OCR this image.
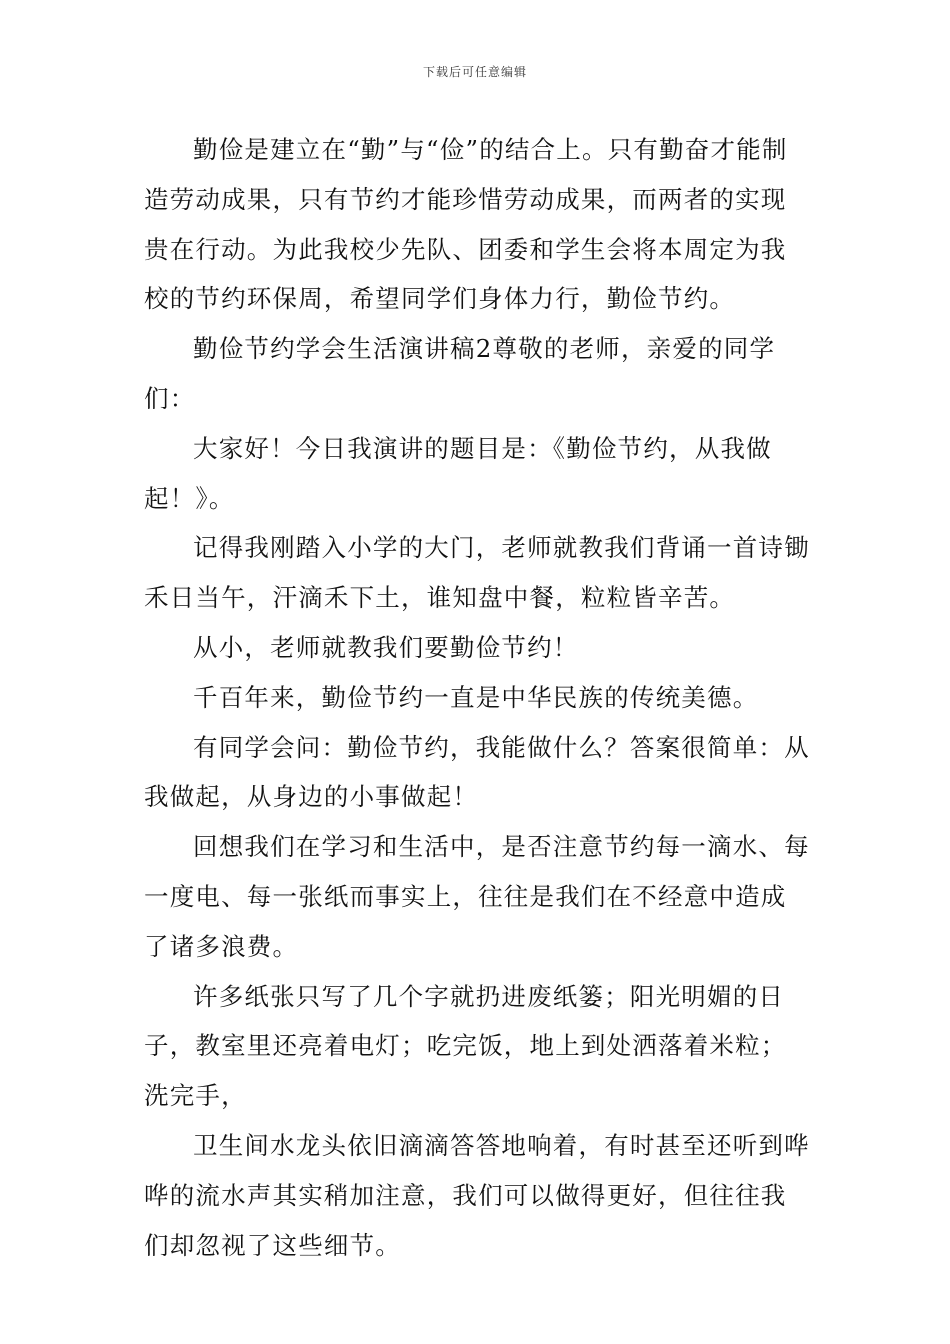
下载后可任意编辑

勤俭是建立在“勤”与“俭”的结合上。只有勤奋才能制造劳动成果，只有节约才能珍惜劳动成果，而两者的实现贵在行动。为此我校少先队、团委和学生会将本周定为我校的节约环保周，希望同学们身体力行，勤俭节约。

勤俭节约学会生活演讲稿2尊敬的老师，亲爱的同学们：

大家好！今日我演讲的题目是：《勤俭节约，从我做起！》。

记得我刚踏入小学的大门，老师就教我们背诵一首诗锄禾日当午，汗滴禾下土，谁知盘中餐，粒粒皆辛苦。

从小，老师就教我们要勤俭节约！

千百年来，勤俭节约一直是中华民族的传统美德。

有同学会问：勤俭节约，我能做什么？答案很简单：从我做起，从身边的小事做起！

回想我们在学习和生活中，是否注意节约每一滴水、每一度电、每一张纸而事实上，往往是我们在不经意中造成了诸多浪费。

许多纸张只写了几个字就扔进废纸篓；阳光明媚的日子，教室里还亮着电灯；吃完饭，地上到处洒落着米粒；洗完手，

卫生间水龙头依旧滴滴答答地响着，有时甚至还听到哗哗的流水声其实稍加注意，我们可以做得更好，但往往我们却忽视了这些细节。
